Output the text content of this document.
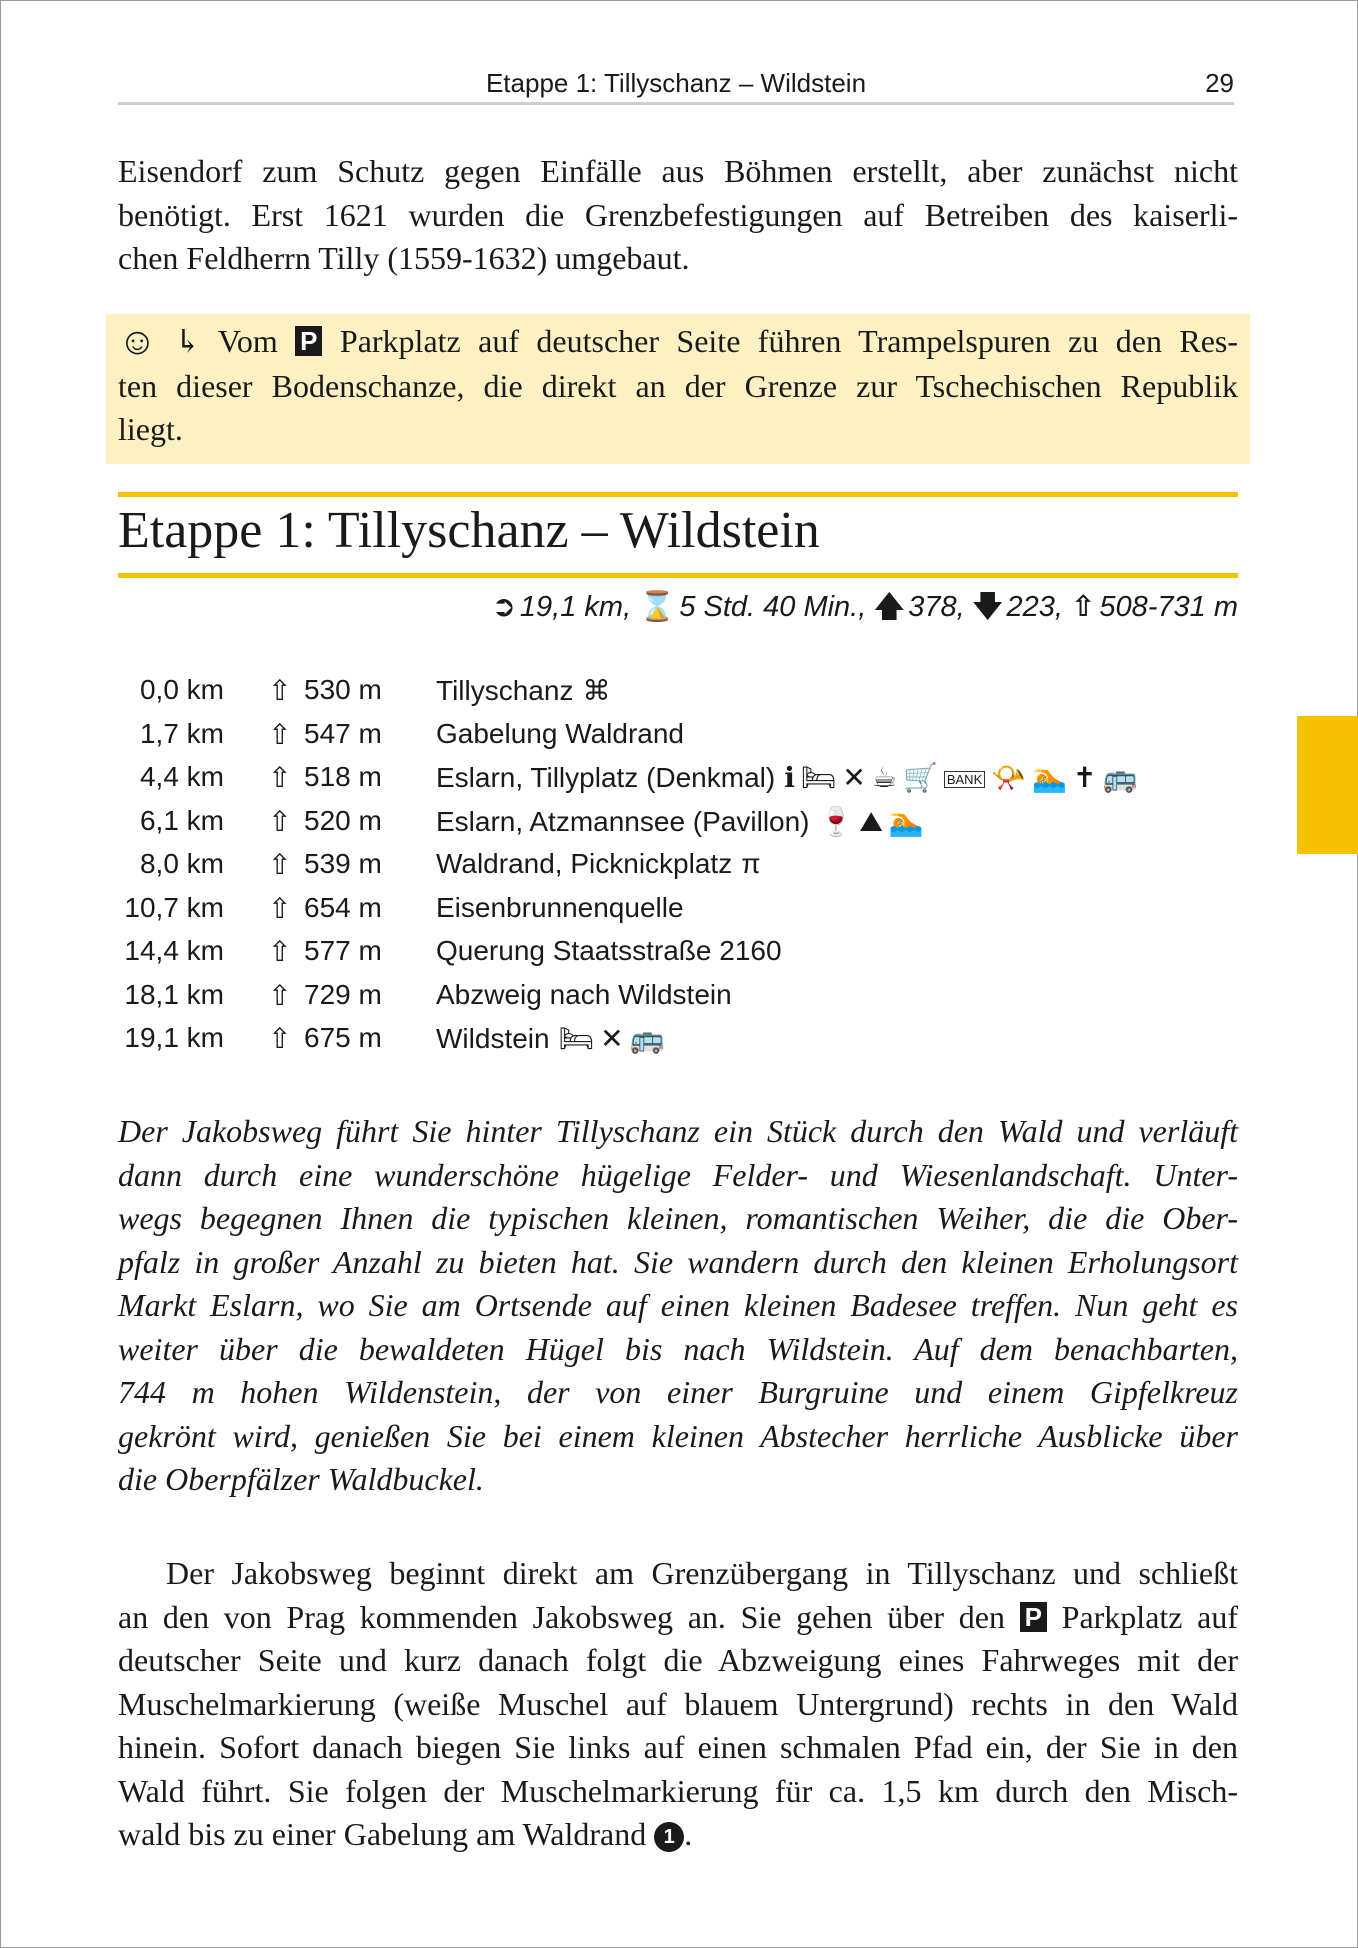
Etappe 1: Tillyschanz – Wildstein	29
Eisendorf zum Schutz gegen Einfälle aus Böhmen erstellt, aber zunächst nicht
benötigt. Erst 1621 wurden die Grenzbefestigungen auf Betreiben des kaiserli-
chen Feldherrn Tilly (1559-1632) umgebaut.
☺ ↳ Vom P Parkplatz auf deutscher Seite führen Trampelspuren zu den Res-
ten dieser Bodenschanze, die direkt an der Grenze zur Tschechischen Republik
liegt.
Etappe 1: Tillyschanz – Wildstein
➲ 19,1 km, ⌛ 5 Std. 40 Min., 🡅 378, 🡇 223, ⇧ 508-731 m
0,0 km ⇧ 530 m Tillyschanz ⌘
1,7 km ⇧ 547 m Gabelung Waldrand
4,4 km ⇧ 518 m Eslarn, Tillyplatz (Denkmal) ℹ 🛏 ✕ ☕ 🛒 BANK 📯 🏊 ✝ 🚌
6,1 km ⇧ 520 m Eslarn, Atzmannsee (Pavillon) 🍷 ⛰ 🏊
8,0 km ⇧ 539 m Waldrand, Picknickplatz π
10,7 km ⇧ 654 m Eisenbrunnenquelle
14,4 km ⇧ 577 m Querung Staatsstraße 2160
18,1 km ⇧ 729 m Abzweig nach Wildstein
19,1 km ⇧ 675 m Wildstein 🛏 ✕ 🚌
Der Jakobsweg führt Sie hinter Tillyschanz ein Stück durch den Wald und verläuft
dann durch eine wunderschöne hügelige Felder- und Wiesenlandschaft. Unter-
wegs begegnen Ihnen die typischen kleinen, romantischen Weiher, die die Ober-
pfalz in großer Anzahl zu bieten hat. Sie wandern durch den kleinen Erholungsort
Markt Eslarn, wo Sie am Ortsende auf einen kleinen Badesee treffen. Nun geht es
weiter über die bewaldeten Hügel bis nach Wildstein. Auf dem benachbarten,
744 m hohen Wildenstein, der von einer Burgruine und einem Gipfelkreuz
gekrönt wird, genießen Sie bei einem kleinen Abstecher herrliche Ausblicke über
die Oberpfälzer Waldbuckel.
Der Jakobsweg beginnt direkt am Grenzübergang in Tillyschanz und schließt
an den von Prag kommenden Jakobsweg an. Sie gehen über den P Parkplatz auf
deutscher Seite und kurz danach folgt die Abzweigung eines Fahrweges mit der
Muschelmarkierung (weiße Muschel auf blauem Untergrund) rechts in den Wald
hinein. Sofort danach biegen Sie links auf einen schmalen Pfad ein, der Sie in den
Wald führt. Sie folgen der Muschelmarkierung für ca. 1,5 km durch den Misch-
wald bis zu einer Gabelung am Waldrand 1 .
